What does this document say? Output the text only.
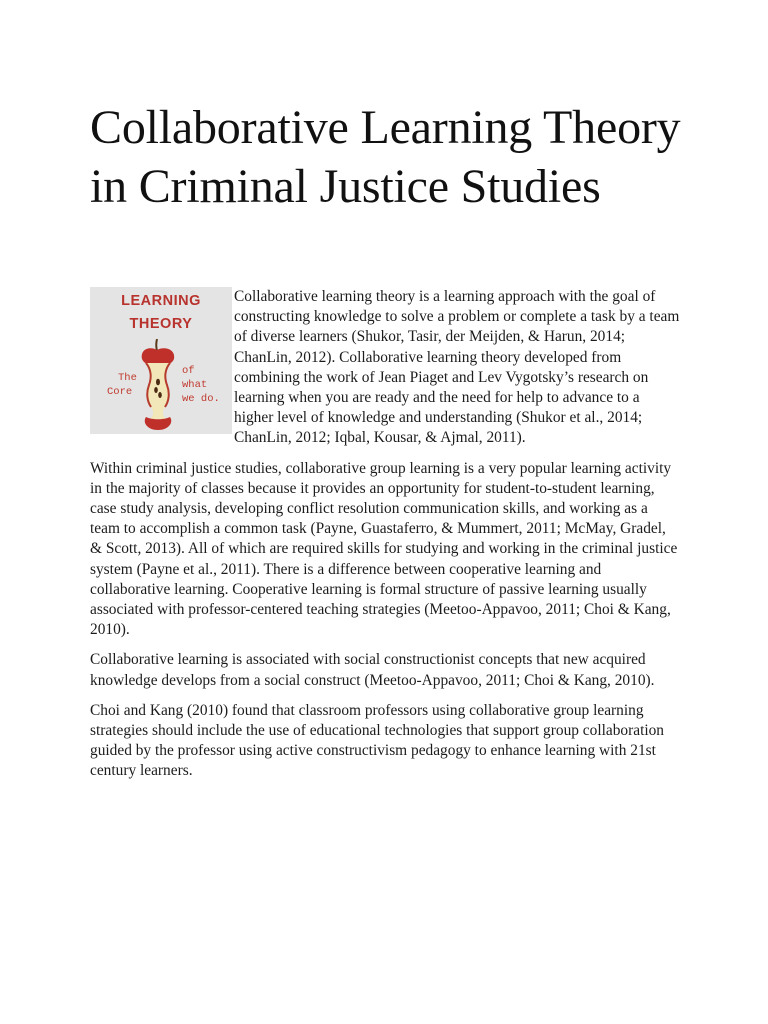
Collaborative Learning Theory in Criminal Justice Studies

LEARNING
THEORY
The
Core
of
what
we do.
Collaborative learning theory is a learning approach with the goal of constructing knowledge to solve a problem or complete a task by a team of diverse learners (Shukor, Tasir, der Meijden, & Harun, 2014; ChanLin, 2012). Collaborative learning theory developed from combining the work of Jean Piaget and Lev Vygotsky’s research on learning when you are ready and the need for help to advance to a higher level of knowledge and understanding (Shukor et al., 2014; ChanLin, 2012; Iqbal, Kousar, & Ajmal, 2011).

Within criminal justice studies, collaborative group learning is a very popular learning activity in the majority of classes because it provides an opportunity for student-to-student learning, case study analysis, developing conflict resolution communication skills, and working as a team to accomplish a common task (Payne, Guastaferro, & Mummert, 2011; McMay, Gradel, & Scott, 2013). All of which are required skills for studying and working in the criminal justice system (Payne et al., 2011). There is a difference between cooperative learning and collaborative learning. Cooperative learning is formal structure of passive learning usually associated with professor-centered teaching strategies (Meetoo-Appavoo, 2011; Choi & Kang, 2010).

Collaborative learning is associated with social constructionist concepts that new acquired knowledge develops from a social construct (Meetoo-Appavoo, 2011; Choi & Kang, 2010).

Choi and Kang (2010) found that classroom professors using collaborative group learning strategies should include the use of educational technologies that support group collaboration guided by the professor using active constructivism pedagogy to enhance learning with 21st century learners.
